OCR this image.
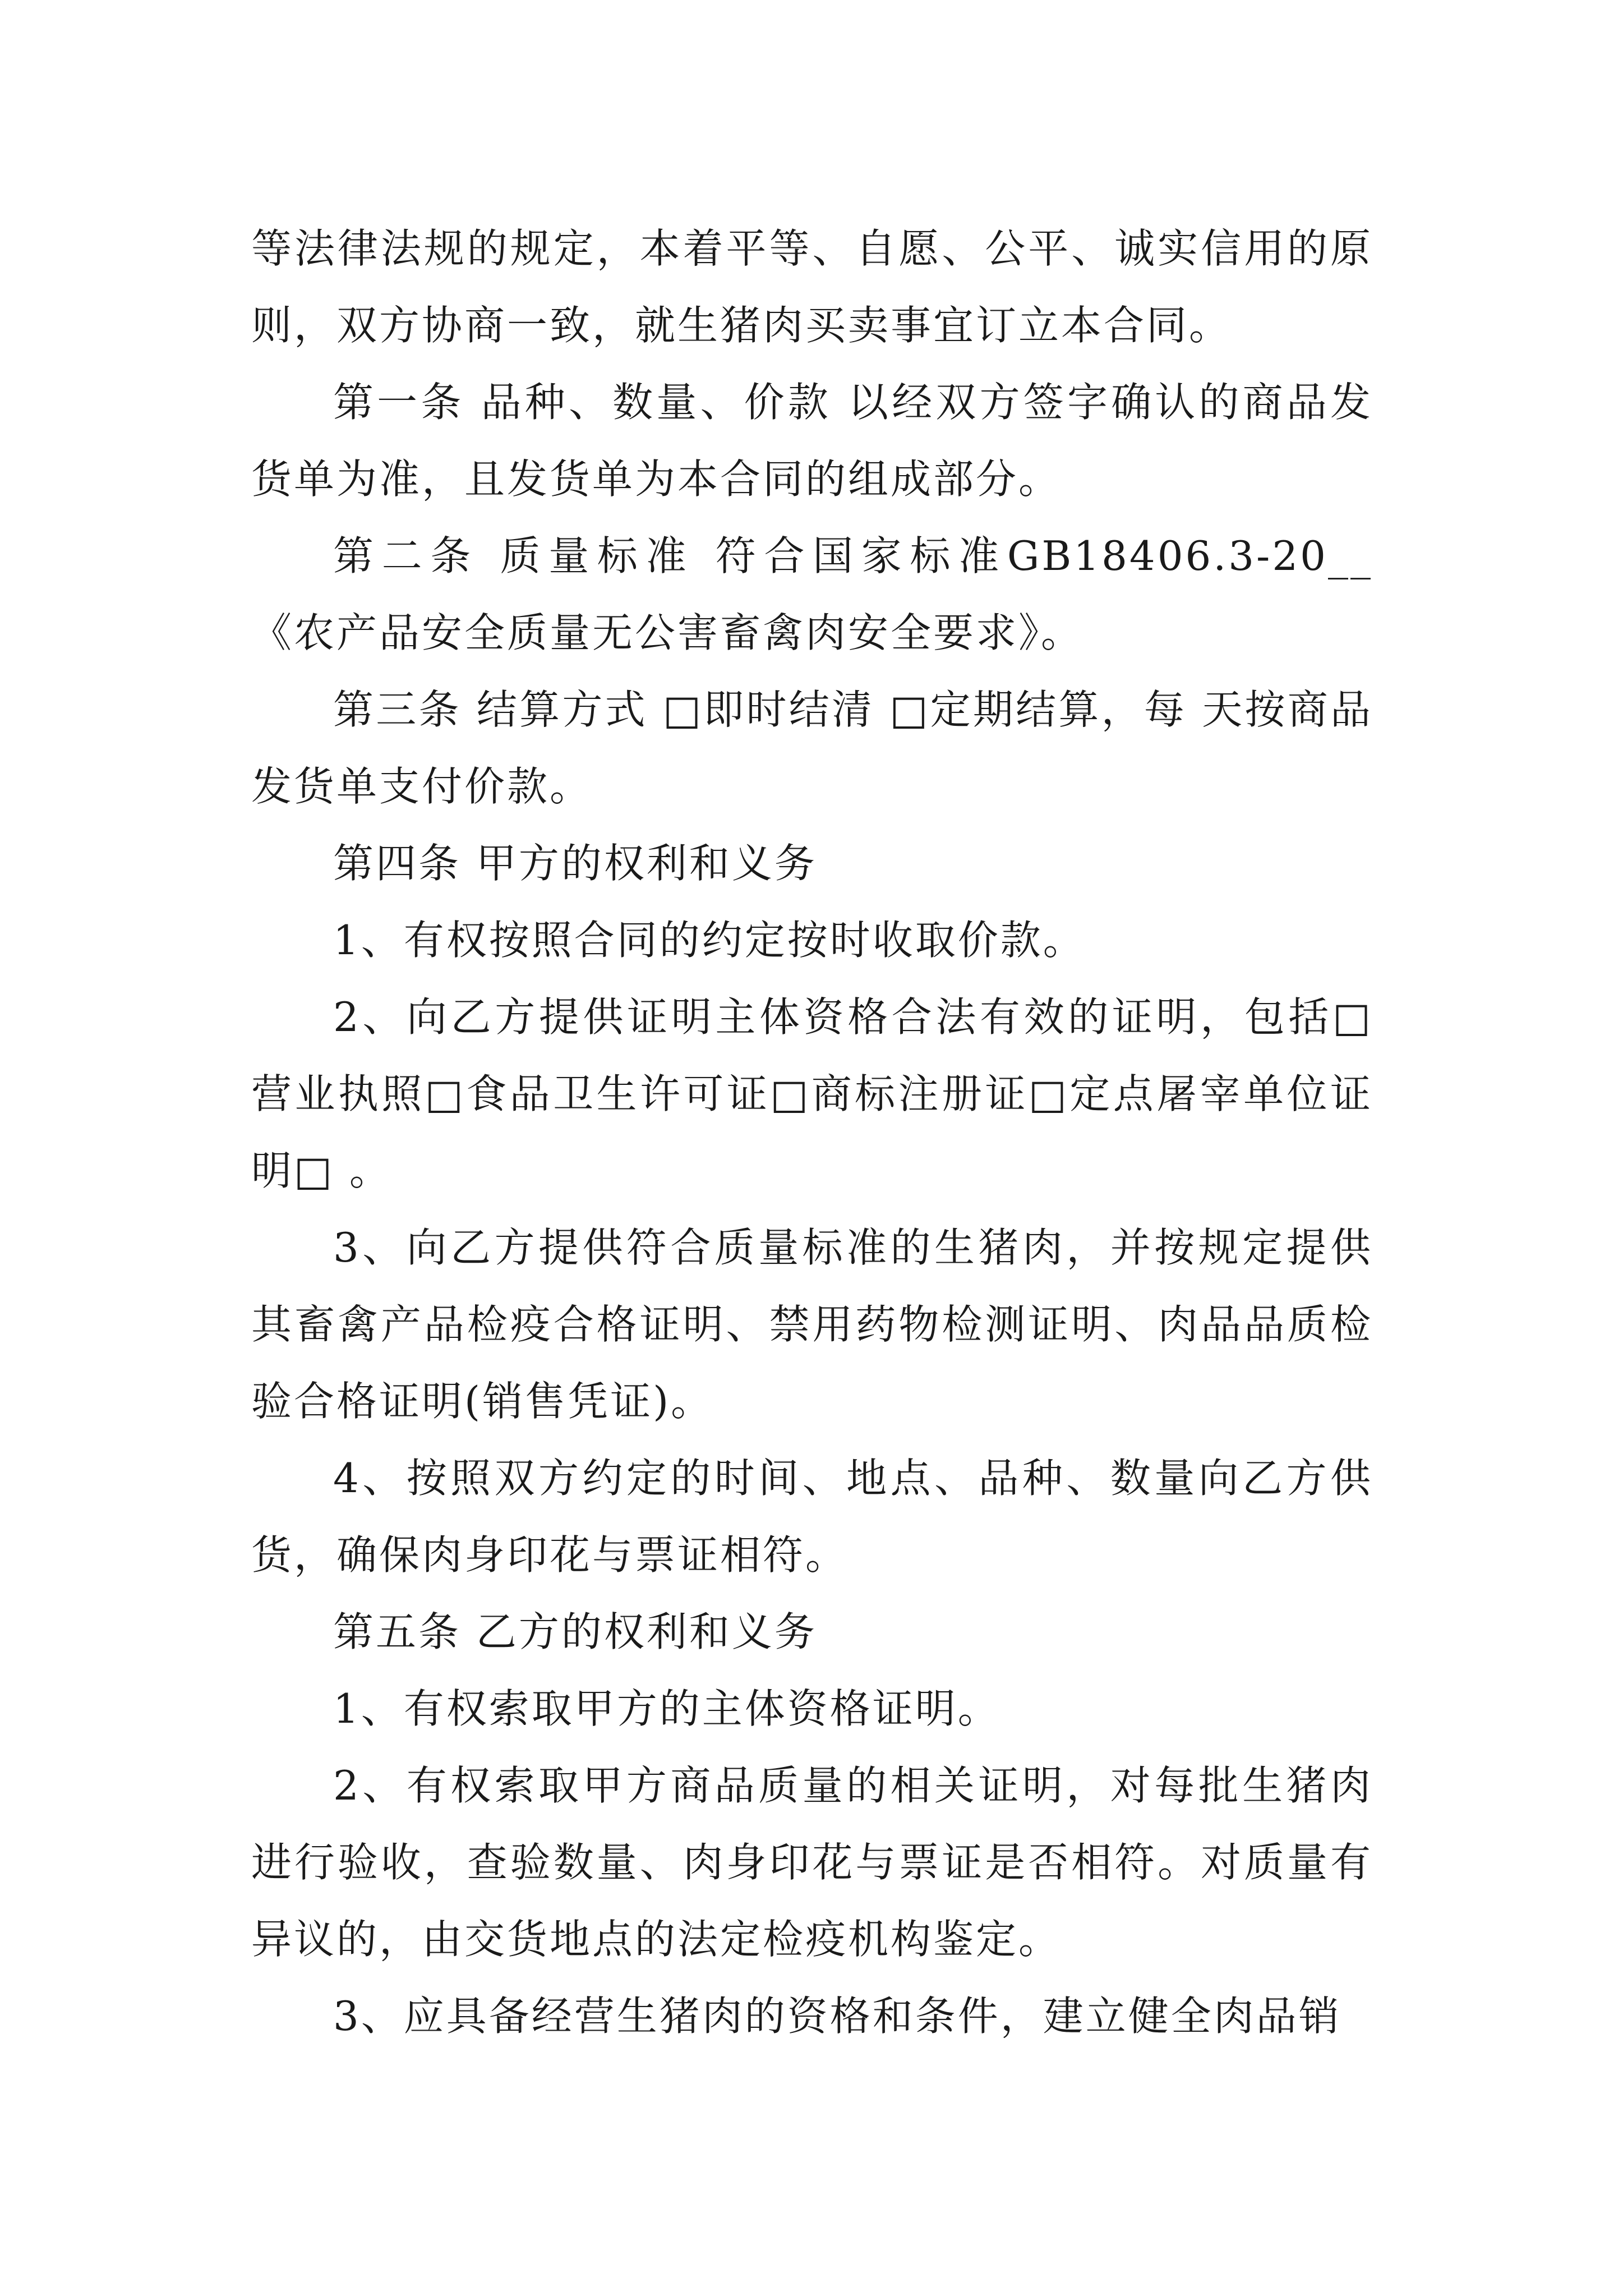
等法律法规的规定，本着平等、自愿、公平、诚实信用的原则，双方协商一致，就生猪肉买卖事宜订立本合同。

第一条 品种、数量、价款 以经双方签字确认的商品发货单为准，且发货单为本合同的组成部分。

第二条 质量标准 符合国家标准GB18406.3-20__ 《农产品安全质量无公害畜禽肉安全要求》。

第三条 结算方式 □即时结清 □定期结算，每 天按商品发货单支付价款。

第四条 甲方的权利和义务

1、有权按照合同的约定按时收取价款。

2、向乙方提供证明主体资格合法有效的证明，包括□营业执照□食品卫生许可证□商标注册证□定点屠宰单位证明□ 。

3、向乙方提供符合质量标准的生猪肉，并按规定提供其畜禽产品检疫合格证明、禁用药物检测证明、肉品品质检验合格证明(销售凭证)。

4、按照双方约定的时间、地点、品种、数量向乙方供货，确保肉身印花与票证相符。

第五条 乙方的权利和义务

1、有权索取甲方的主体资格证明。

2、有权索取甲方商品质量的相关证明，对每批生猪肉进行验收，查验数量、肉身印花与票证是否相符。对质量有异议的，由交货地点的法定检疫机构鉴定。

3、应具备经营生猪肉的资格和条件，建立健全肉品销
